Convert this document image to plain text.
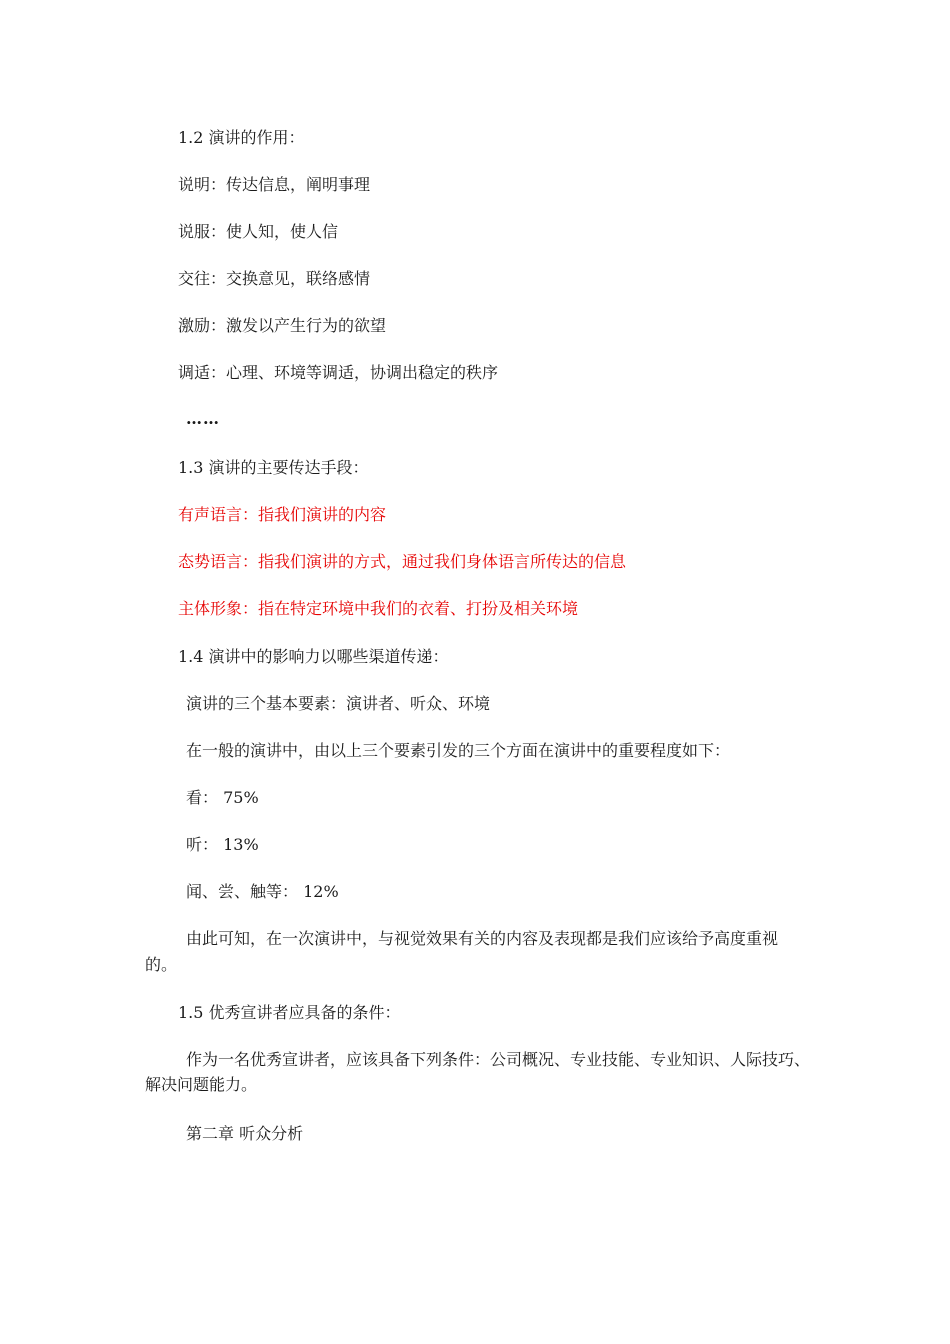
1.2 演讲的作用：
说明：传达信息，阐明事理
说服：使人知，使人信
交往：交换意见，联络感情
激励：激发以产生行为的欲望
调适：心理、环境等调适，协调出稳定的秩序
……
1.3 演讲的主要传达手段：
有声语言：指我们演讲的内容
态势语言：指我们演讲的方式，通过我们身体语言所传达的信息
主体形象：指在特定环境中我们的衣着、打扮及相关环境
1.4 演讲中的影响力以哪些渠道传递：
演讲的三个基本要素：演讲者、听众、环境
在一般的演讲中，由以上三个要素引发的三个方面在演讲中的重要程度如下：
看： 75%
听： 13%
闻、尝、触等： 12%
由此可知，在一次演讲中，与视觉效果有关的内容及表现都是我们应该给予高度重视
的。
1.5 优秀宣讲者应具备的条件：
作为一名优秀宣讲者，应该具备下列条件：公司概况、专业技能、专业知识、人际技巧、
解决问题能力。
第二章 听众分析
